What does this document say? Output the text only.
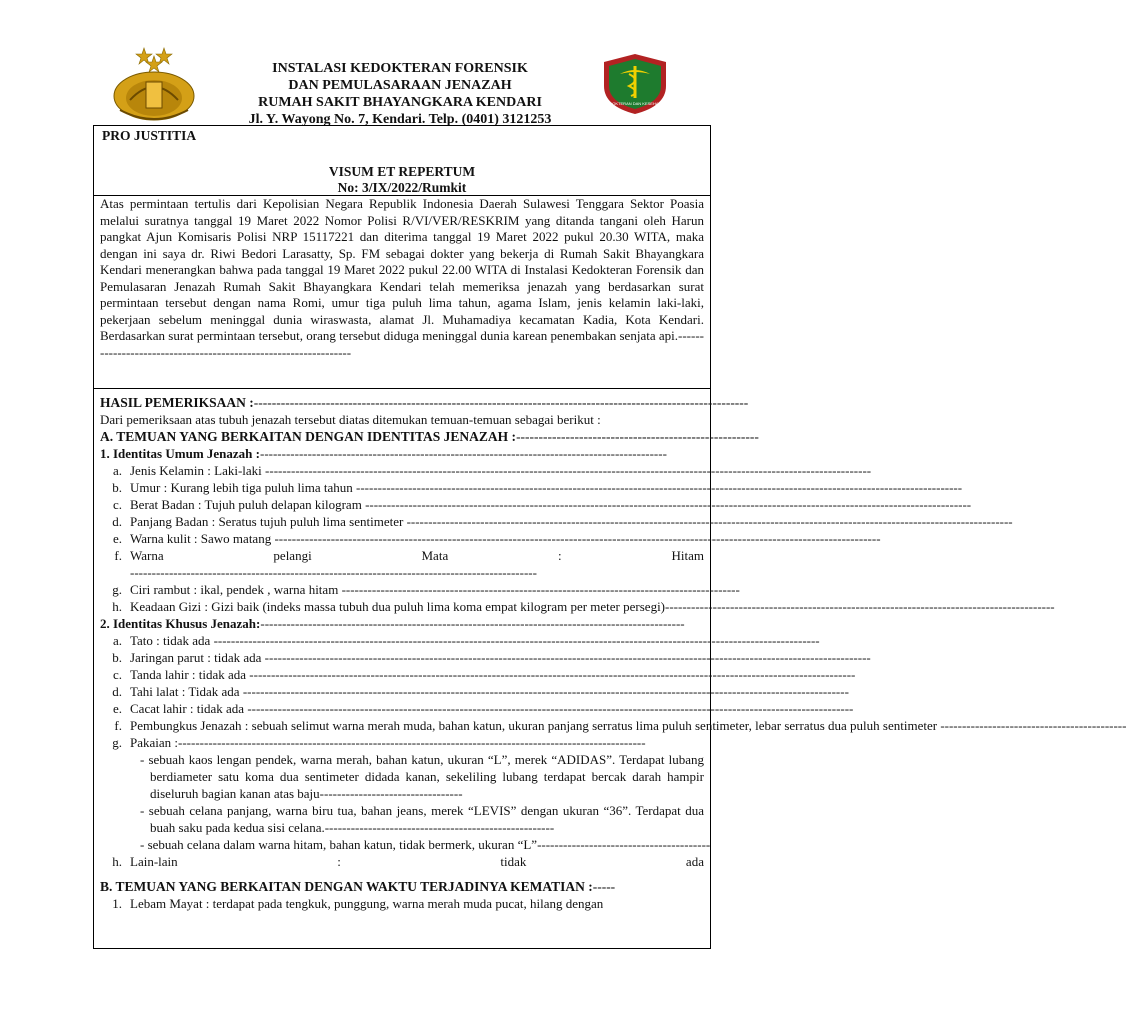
INSTALASI KEDOKTERAN FORENSIK
DAN PEMULASARAAN JENAZAH
RUMAH SAKIT BHAYANGKARA KENDARI
Jl. Y. Wayong No. 7, Kendari. Telp. (0401) 3121253
KEDOKTERAN DAN KESEHATAN
PRO JUSTITIA
VISUM ET REPERTUM
No: 3/IX/2022/Rumkit
Atas permintaan tertulis dari Kepolisian Negara Republik Indonesia Daerah Sulawesi Tenggara Sektor Poasia melalui suratnya tanggal 19 Maret 2022 Nomor Polisi R/VI/VER/RESKRIM yang ditanda tangani oleh Harun pangkat Ajun Komisaris Polisi NRP 15117221 dan diterima tanggal 19 Maret 2022 pukul 20.30 WITA, maka dengan ini saya dr. Riwi Bedori Larasatty, Sp. FM sebagai dokter yang bekerja di Rumah Sakit Bhayangkara Kendari menerangkan bahwa pada tanggal 19 Maret 2022 pukul 22.00 WITA di Instalasi Kedokteran Forensik dan Pemulasaran Jenazah Rumah Sakit Bhayangkara Kendari telah memeriksa jenazah yang berdasarkan surat permintaan tersebut dengan nama Romi, umur tiga puluh lima tahun, agama Islam, jenis kelamin laki-laki, pekerjaan sebelum meninggal dunia wiraswasta, alamat Jl. Muhamadiya kecamatan Kadia, Kota Kendari. Berdasarkan surat permintaan tersebut, orang tersebut diduga meninggal dunia karean penembakan senjata api.----------------------------------------------------------------
HASIL PEMERIKSAAN :--------------------------------------------------------------------------------------------------------------
Dari pemeriksaan atas tubuh jenazah tersebut diatas ditemukan temuan-temuan sebagai berikut :
A. TEMUAN YANG BERKAITAN DENGAN IDENTITAS JENAZAH :------------------------------------------------------
1. Identitas Umum Jenazah :----------------------------------------------------------------------------------------------
a. Jenis Kelamin : Laki-laki --------------------------------------------------------------------------------------------------------------------------------------------
b. Umur : Kurang lebih tiga puluh lima tahun --------------------------------------------------------------------------------------------------------------------------------------------
c. Berat Badan : Tujuh puluh delapan kilogram --------------------------------------------------------------------------------------------------------------------------------------------
d. Panjang Badan : Seratus tujuh puluh lima sentimeter --------------------------------------------------------------------------------------------------------------------------------------------
e. Warna kulit : Sawo matang --------------------------------------------------------------------------------------------------------------------------------------------
f. Warna	pelangi	Mata	:	Hitam
----------------------------------------------------------------------------------------------
g. Ciri rambut : ikal, pendek , warna hitam --------------------------------------------------------------------------------------------
h. Keadaan Gizi : Gizi baik (indeks massa tubuh dua puluh lima koma empat kilogram per meter persegi)------------------------------------------------------------------------------------------
2. Identitas Khusus Jenazah:--------------------------------------------------------------------------------------------------
a. Tato : tidak ada --------------------------------------------------------------------------------------------------------------------------------------------
b. Jaringan parut : tidak ada --------------------------------------------------------------------------------------------------------------------------------------------
c. Tanda lahir : tidak ada --------------------------------------------------------------------------------------------------------------------------------------------
d. Tahi lalat : Tidak ada --------------------------------------------------------------------------------------------------------------------------------------------
e. Cacat lahir : tidak ada --------------------------------------------------------------------------------------------------------------------------------------------
f. Pembungkus Jenazah : sebuah selimut warna merah muda, bahan katun, ukuran panjang serratus lima puluh sentimeter, lebar serratus dua puluh sentimeter -------------------------------------------
g. Pakaian :------------------------------------------------------------------------------------------------------------
- sebuah kaos lengan pendek, warna merah, bahan katun, ukuran “L”, merek “ADIDAS”. Terdapat lubang berdiameter satu koma dua sentimeter didada kanan, sekeliling lubang terdapat bercak darah hampir diseluruh bagian kanan atas baju---------------------------------
- sebuah celana panjang, warna biru tua, bahan jeans, merek “LEVIS” dengan ukuran “36”. Terdapat dua buah saku pada kedua sisi celana.-----------------------------------------------------
- sebuah celana dalam warna hitam, bahan katun, tidak bermerk, ukuran “L”----------------------------------------
h. Lain-lain	:	tidak	ada
B. TEMUAN YANG BERKAITAN DENGAN WAKTU TERJADINYA KEMATIAN :-----
1. Lebam Mayat : terdapat pada tengkuk, punggung, warna merah muda pucat, hilang dengan
